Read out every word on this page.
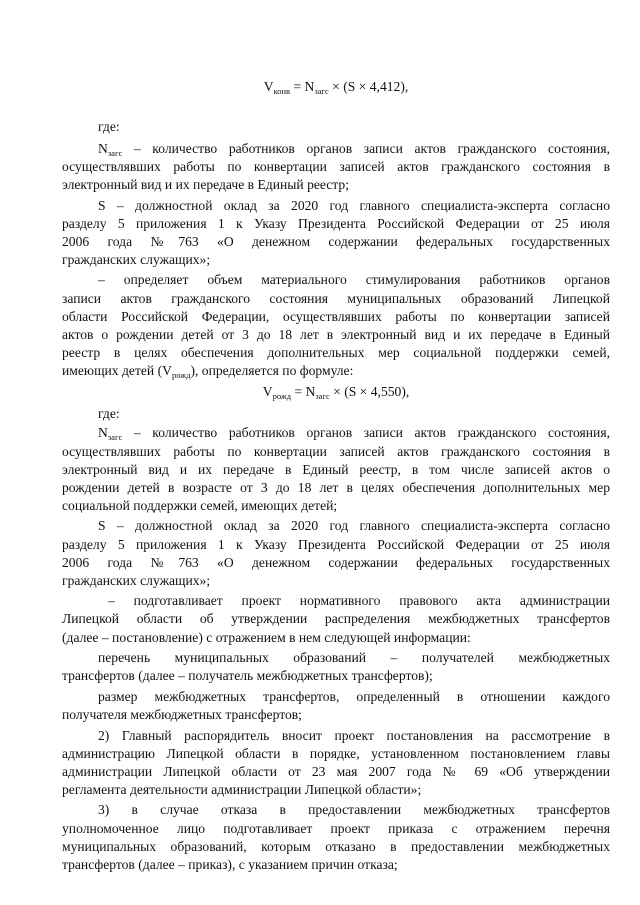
$V_{конв} = N_{загс} \times (S \times 4,412)$,
где:
$N_{загс}$ – количество работников органов записи актов гражданского состояния,
осуществлявших работы по конвертации записей актов гражданского состояния в
электронный вид и их передаче в Единый реестр;
S – должностной оклад за 2020 год главного специалиста-эксперта согласно
разделу 5 приложения 1 к Указу Президента Российской Федерации от 25 июля
2006 года №763 «О денежном содержании федеральных государственных
гражданских служащих»;
– определяет объем материального стимулирования работников органов
записи актов гражданского состояния муниципальных образований Липецкой
области Российской Федерации, осуществлявших работы по конвертации записей
актов о рождении детей от 3 до 18 лет в электронный вид и их передаче в Единый
реестр в целях обеспечения дополнительных мер социальной поддержки семей,
имеющих детей $(V_{рожд})$, определяется по формуле:
$V_{рожд} = N_{загс} \times (S \times 4,550)$,
где:
$N_{загс}$ – количество работников органов записи актов гражданского состояния,
осуществлявших работы по конвертации записей актов гражданского состояния в
электронный вид и их передаче в Единый реестр, в том числе записей актов о
рождении детей в возрасте от 3 до 18 лет в целях обеспечения дополнительных мер
социальной поддержки семей, имеющих детей;
S – должностной оклад за 2020 год главного специалиста-эксперта согласно
разделу 5 приложения 1 к Указу Президента Российской Федерации от 25 июля
2006 года №763 «О денежном содержании федеральных государственных
гражданских служащих»;
– подготавливает проект нормативного правового акта администрации
Липецкой области об утверждении распределения межбюджетных трансфертов
(далее – постановление) с отражением в нем следующей информации:
перечень муниципальных образований – получателей межбюджетных
трансфертов (далее – получатель межбюджетных трансфертов);
размер межбюджетных трансфертов, определенный в отношении каждого
получателя межбюджетных трансфертов;
2) Главный распорядитель вносит проект постановления на рассмотрение в
администрацию Липецкой области в порядке, установленном постановлением главы
администрации Липецкой области от 23 мая 2007 года № 69 «Об утверждении
регламента деятельности администрации Липецкой области»;
3) в случае отказа в предоставлении межбюджетных трансфертов
уполномоченное лицо подготавливает проект приказа с отражением перечня
муниципальных образований, которым отказано в предоставлении межбюджетных
трансфертов (далее – приказ), с указанием причин отказа;
